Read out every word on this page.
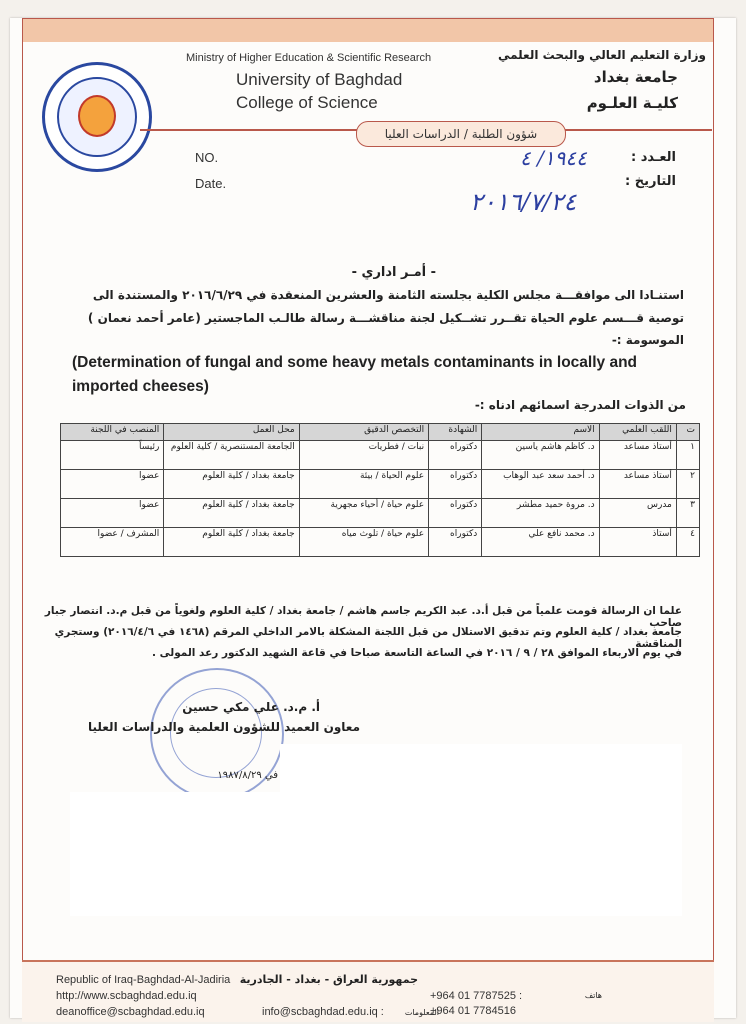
Ministry of Higher Education & Scientific Research
University of Baghdad
College of Science
وزارة التعليم العالي والبحث العلمي
جامعة بغداد
كليـة العلـوم
شؤون الطلبة / الدراسات العليا
NO.
Date.
العـدد :
التاريخ :
١٩٤٤/ ٤
٢٠١٦/٧/٢٤
- أمـر اداري -
استنـادا الى موافقـــة مجلس الكلية بجلسته الثامنة والعشرين المنعقدة في ٢٠١٦/٦/٢٩ والمستندة الى
توصية قـــسم علوم الحياة تقــرر تشــكيل لجنة مناقشـــة رسالة طالـب الماجستير (عامر أحمد نعمان )
الموسومة :-
(Determination of fungal and some heavy metals contaminants in locally and imported cheeses)
من الذوات المدرجة اسمائهم ادناه :-
المنصب في اللجنة	محل العمل	التخصص الدقيق	الشهادة	الاسم	اللقب العلمي	ت
رئيساً	الجامعة المستنصرية / كلية العلوم	نبات / فطريات	دكتوراه	د. كاظم هاشم ياسين	أستاذ مساعد	١
عضوا	جامعة بغداد / كلية العلوم	علوم الحياة / بيئة	دكتوراه	د. أحمد سعد عبد الوهاب	أستاذ مساعد	٢
عضوا	جامعة بغداد / كلية العلوم	علوم حياة / أحياء مجهرية	دكتوراه	د. مروة حميد مطشر	مدرس	٣
المشرف / عضوا	جامعة بغداد / كلية العلوم	علوم حياة / تلوث مياه	دكتوراه	د. محمد نافع علي	أستاذ	٤
علما ان الرسالة قومت علمياً من قبل أ.د. عبد الكريم جاسم هاشم / جامعة بغداد / كلية العلوم ولغوياً من قبل م.د. انتصار جبار صاحب
جامعة بغداد / كلية العلوم وتم تدقيق الاستلال من قبل اللجنة المشكلة بالامر الداخلي المرقم (١٤٦٨ في ٢٠١٦/٤/٦) وستجري المناقشة
في يوم الاربعاء الموافق ٢٨ / ٩ / ٢٠١٦ في الساعة التاسعة صباحا في قاعة الشهيد الدكتور رعد المولى .
أ. م.د. علي مكي حسين
معاون العميد للشؤون العلمية والدراسات العليا
في ١٩٨٧/٨/٢٩
Republic of Iraq-Baghdad-Al-Jadiria
http://www.scbaghdad.edu.iq
deanoffice@scbaghdad.edu.iq	info@scbaghdad.edu.iq :	المعلومات
جمهورية العراق - بغداد - الجادرية
هاتف
+964 01 7787525 :
+964 01 7784516
